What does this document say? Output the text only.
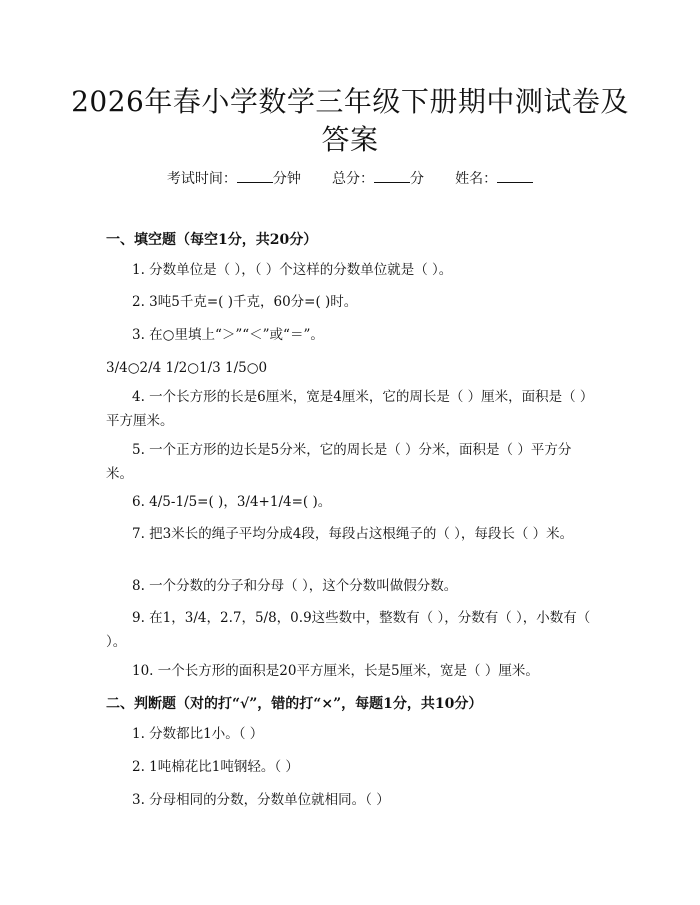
2026年春小学数学三年级下册期中测试卷及
答案
考试时间：	分钟 总分：	分 姓名：
一、填空题（每空1分，共20分）
1. 分数单位是（ ），（ ）个这样的分数单位就是（ ）。
2. 3吨5千克=( )千克，60分=( )时。
3. 在○里填上“＞”“＜”或“＝”。
3/4○2/4 1/2○1/3 1/5○0
4. 一个长方形的长是6厘米，宽是4厘米，它的周长是（ ）厘米，面积是（ ）平方厘米。
5. 一个正方形的边长是5分米，它的周长是（ ）分米，面积是（ ）平方分米。
6. 4/5-1/5=( )，3/4+1/4=( )。
7. 把3米长的绳子平均分成4段，每段占这根绳子的（ ），每段长（ ）米。
8. 一个分数的分子和分母（ ），这个分数叫做假分数。
9. 在1，3/4，2.7，5/8，0.9这些数中，整数有（ ），分数有（ ），小数有（ ）。
10. 一个长方形的面积是20平方厘米，长是5厘米，宽是（ ）厘米。
二、判断题（对的打“√”，错的打“×”，每题1分，共10分）
1. 分数都比1小。（ ）
2. 1吨棉花比1吨钢轻。（ ）
3. 分母相同的分数，分数单位就相同。（ ）
